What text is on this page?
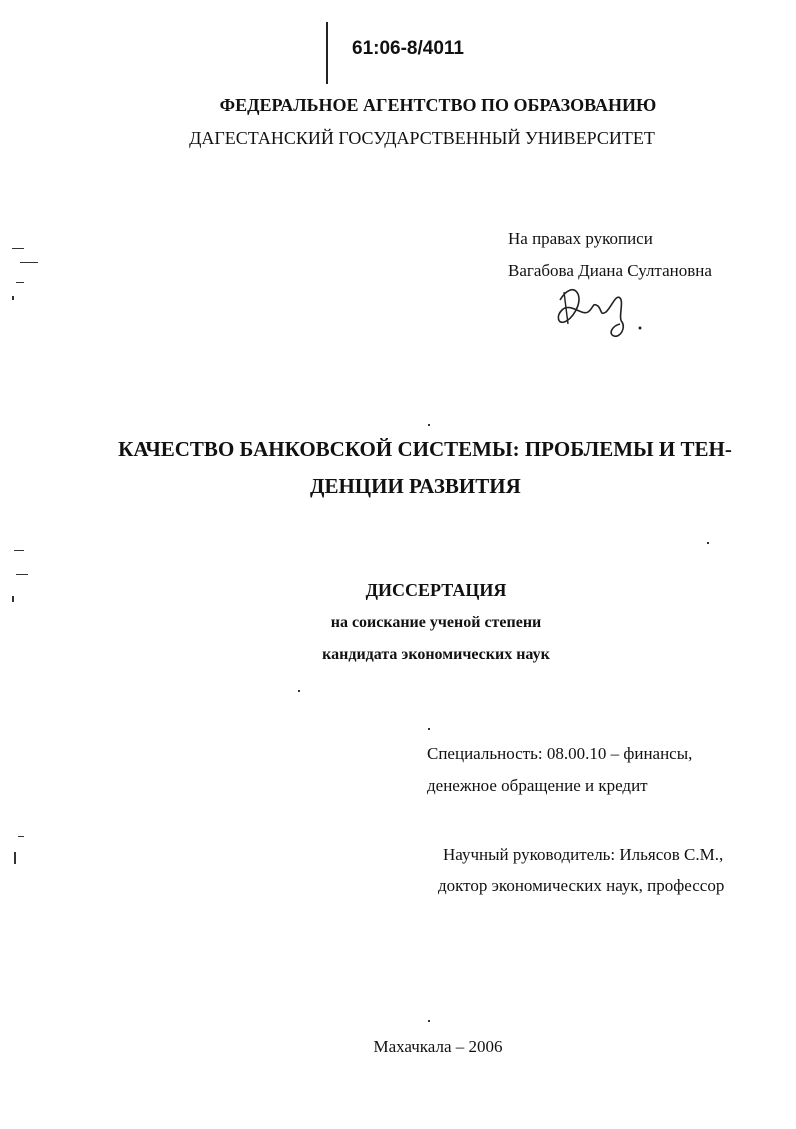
61:06-8/4011
ФЕДЕРАЛЬНОЕ АГЕНТСТВО ПО ОБРАЗОВАНИЮ
ДАГЕСТАНСКИЙ ГОСУДАРСТВЕННЫЙ УНИВЕРСИТЕТ
На правах рукописи
Вагабова Диана Султановна
КАЧЕСТВО БАНКОВСКОЙ СИСТЕМЫ: ПРОБЛЕМЫ И ТЕН-
ДЕНЦИИ РАЗВИТИЯ
ДИССЕРТАЦИЯ
на соискание ученой степени
кандидата экономических наук
Специальность: 08.00.10 – финансы,
денежное обращение и кредит
Научный руководитель: Ильясов С.М.,
доктор экономических наук, профессор
Махачкала – 2006
